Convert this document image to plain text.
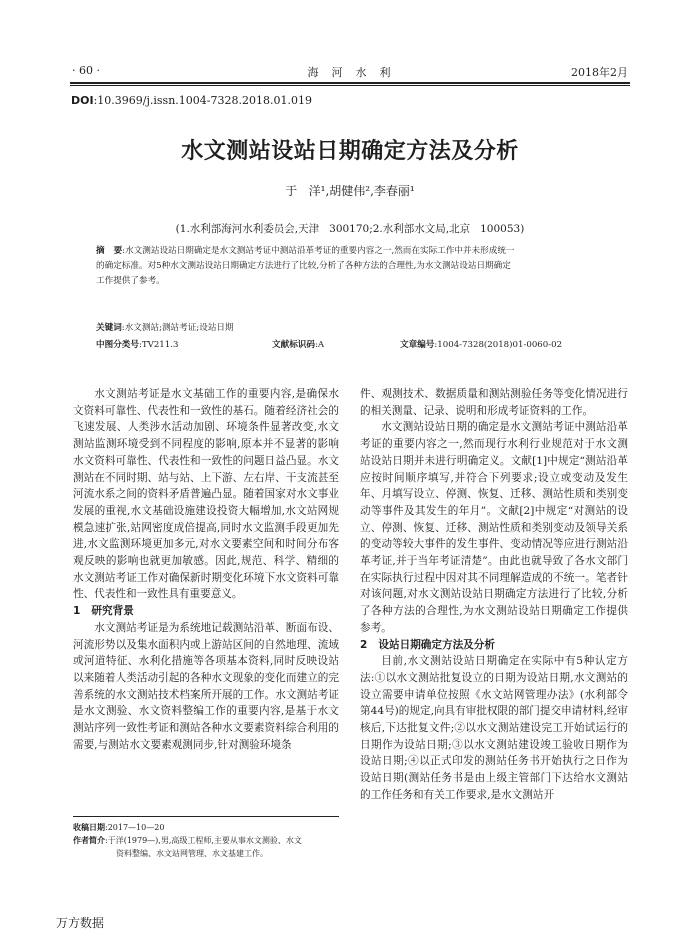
· 60 ·	海  河  水  利	2018年2月
DOI:10.3969/j.issn.1004-7328.2018.01.019
水文测站设站日期确定方法及分析
于   洋¹,胡健伟²,李春丽¹
(1.水利部海河水利委员会,天津   300170;2.水利部水文局,北京   100053)
摘   要:水文测站设站日期确定是水文测站考证中测站沿革考证的重要内容之一,然而在实际工作中并未形成统一
的确定标准。对5种水文测站设站日期确定方法进行了比较,分析了各种方法的合理性,为水文测站设站日期确定
工作提供了参考。
关键词:水文测站;测站考证;设站日期
中图分类号:TV211.3	文献标识码:A	文章编号:1004-7328(2018)01-0060-02

水文测站考证是水文基础工作的重要内容,是确保水文资料可靠性、代表性和一致性的基石。随着经济社会的飞速发展、人类涉水活动加剧、环境条件显著改变,水文测站监测环境受到不同程度的影响,原本并不显著的影响水文资料可靠性、代表性和一致性的问题日益凸显。水文测站在不同时期、站与站、上下游、左右岸、干支流甚至河流水系之间的资料矛盾普遍凸显。随着国家对水文事业发展的重视,水文基础设施建设投资大幅增加,水文站网规模急速扩张,站网密度成倍提高,同时水文监测手段更加先进,水文监测环境更加多元,对水文要素空间和时间分布客观反映的影响也就更加敏感。因此,规范、科学、精细的水文测站考证工作对确保新时期变化环境下水文资料可靠性、代表性和一致性具有重要意义。

1   研究背景

水文测站考证是为系统地记载测站沿革、断面布设、河流形势以及集水面积内或上游站区间的自然地理、流域或河道特征、水利化措施等各项基本资料,同时反映设站以来随着人类活动引起的各种水文现象的变化而建立的完善系统的水文测站技术档案所开展的工作。水文测站考证是水文测验、水文资料整编工作的重要内容,是基于水文测站序列一致性考证和测站各种水文要素资料综合利用的需要,与测站水文要素观测同步,针对测验环境条

收稿日期:2017—10—20
作者简介:于洋(1979—),男,高级工程师,主要从事水文测验、水文
资料整编、水文站网管理、水文基建工作。
件、观测技术、数据质量和测站测验任务等变化情况进行的相关测量、记录、说明和形成考证资料的工作。

水文测站设站日期的确定是水文测站考证中测站沿革考证的重要内容之一,然而现行水利行业规范对于水文测站设站日期并未进行明确定义。文献[1]中规定“测站沿革应按时间顺序填写,并符合下列要求;设立或变动及发生年、月填写设立、停测、恢复、迁移、测站性质和类别变动等事件及其发生的年月”。文献[2]中规定“对测站的设立、停测、恢复、迁移、测站性质和类别变动及领导关系的变动等较大事件的发生事件、变动情况等应进行测站沿革考证,并于当年考证清楚”。由此也就导致了各水文部门在实际执行过程中因对其不同理解造成的不统一。笔者针对该问题,对水文测站设站日期确定方法进行了比较,分析了各种方法的合理性,为水文测站设站日期确定工作提供参考。

2   设站日期确定方法及分析

目前,水文测站设站日期确定在实际中有5种认定方法:①以水文测站批复设立的日期为设站日期,水文测站的设立需要申请单位按照《水文站网管理办法》(水利部令第44号)的规定,向具有审批权限的部门提交申请材料,经审核后,下达批复文件;②以水文测站建设完工开始试运行的日期作为设站日期;③以水文测站建设竣工验收日期作为设站日期;④以正式印发的测站任务书开始执行之日作为设站日期(测站任务书是由上级主管部门下达给水文测站的工作任务和有关工作要求,是水文测站开

万方数据
